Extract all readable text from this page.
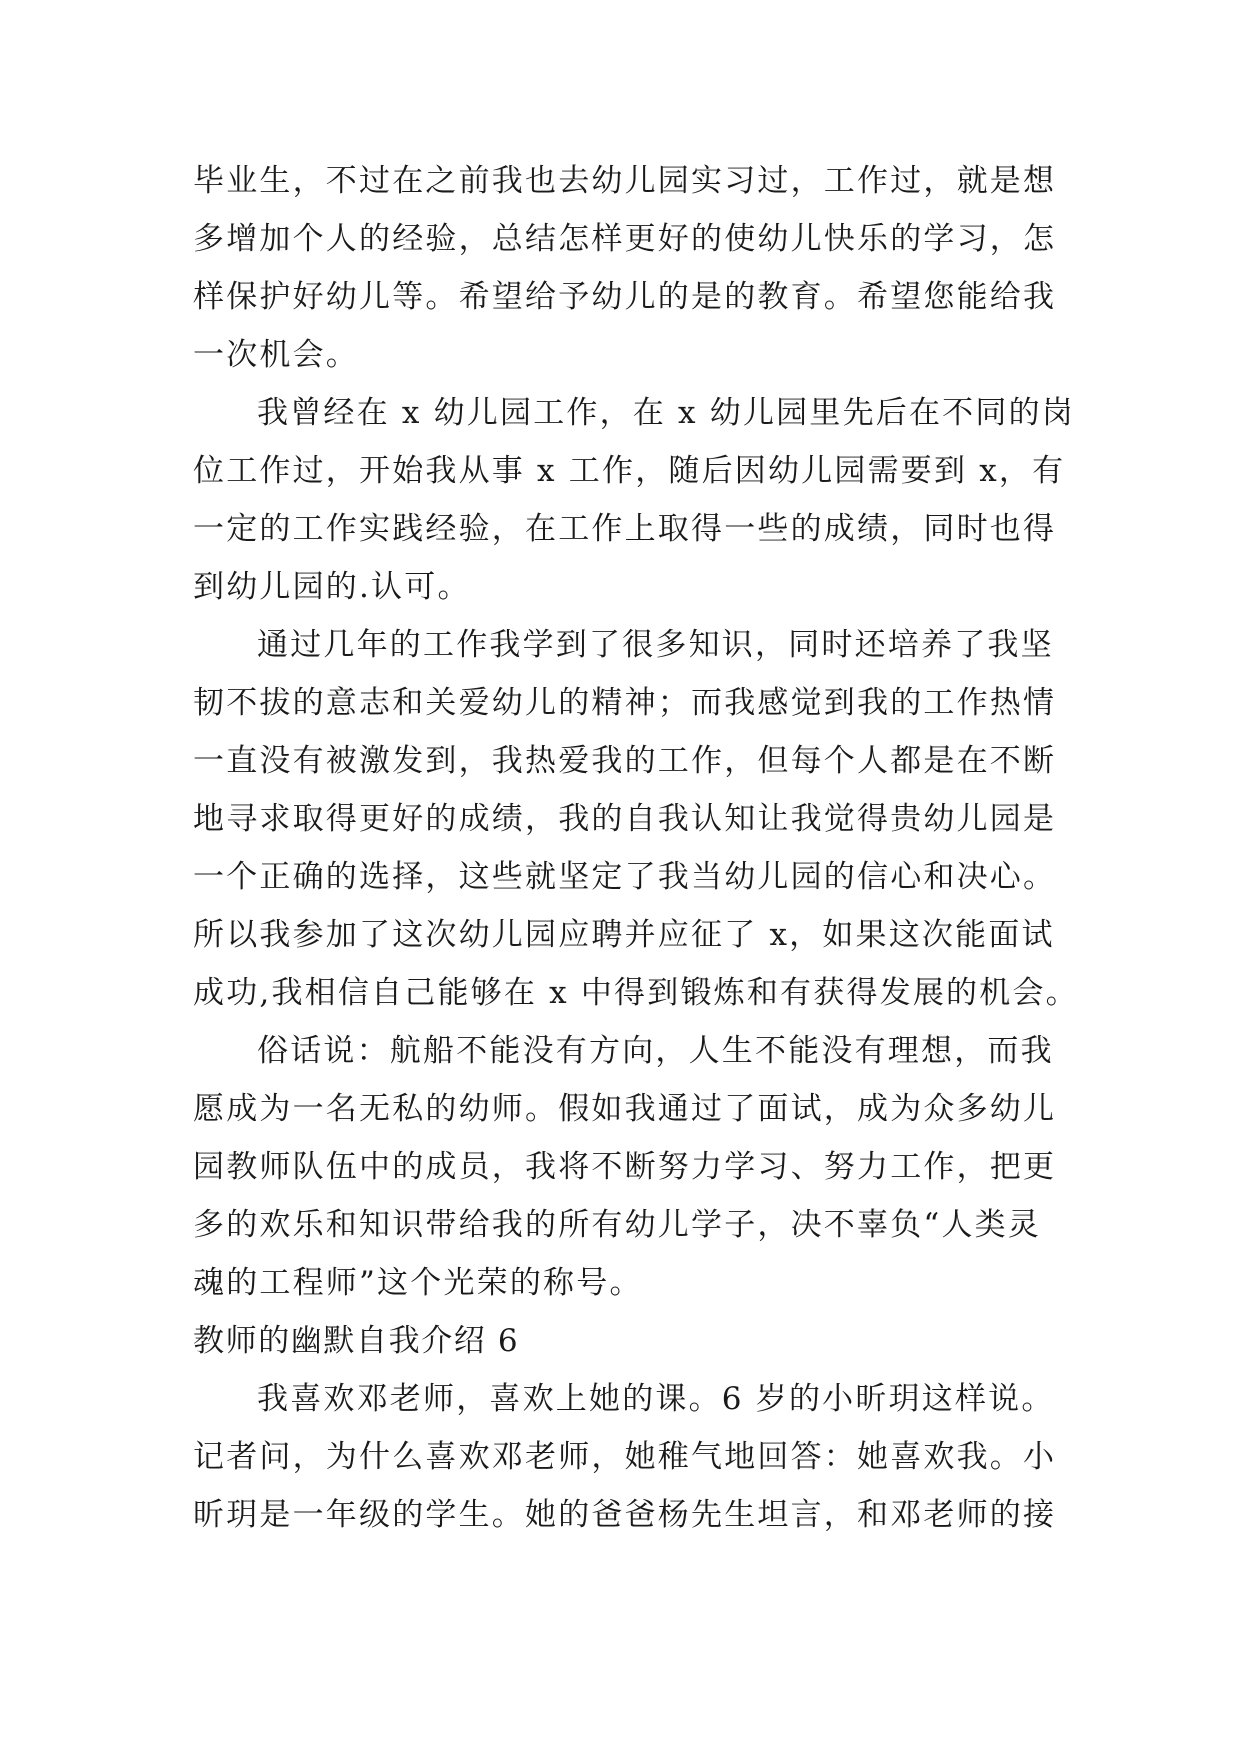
毕业生，不过在之前我也去幼儿园实习过，工作过，就是想
多增加个人的经验，总结怎样更好的使幼儿快乐的学习，怎
样保护好幼儿等。希望给予幼儿的是的教育。希望您能给我
一次机会。
我曾经在 x 幼儿园工作，在 x 幼儿园里先后在不同的岗
位工作过，开始我从事 x 工作，随后因幼儿园需要到 x，有
一定的工作实践经验，在工作上取得一些的成绩，同时也得
到幼儿园的.认可。
通过几年的工作我学到了很多知识，同时还培养了我坚
韧不拔的意志和关爱幼儿的精神；而我感觉到我的工作热情
一直没有被激发到，我热爱我的工作，但每个人都是在不断
地寻求取得更好的成绩，我的自我认知让我觉得贵幼儿园是
一个正确的选择，这些就坚定了我当幼儿园的信心和决心。
所以我参加了这次幼儿园应聘并应征了 x，如果这次能面试
成功,我相信自己能够在 x 中得到锻炼和有获得发展的机会。
俗话说：航船不能没有方向，人生不能没有理想，而我
愿成为一名无私的幼师。假如我通过了面试，成为众多幼儿
园教师队伍中的成员，我将不断努力学习、努力工作，把更
多的欢乐和知识带给我的所有幼儿学子，决不辜负“人类灵
魂的工程师”这个光荣的称号。
教师的幽默自我介绍 6
我喜欢邓老师，喜欢上她的课。6 岁的小昕玥这样说。
记者问，为什么喜欢邓老师，她稚气地回答：她喜欢我。小
昕玥是一年级的学生。她的爸爸杨先生坦言，和邓老师的接
